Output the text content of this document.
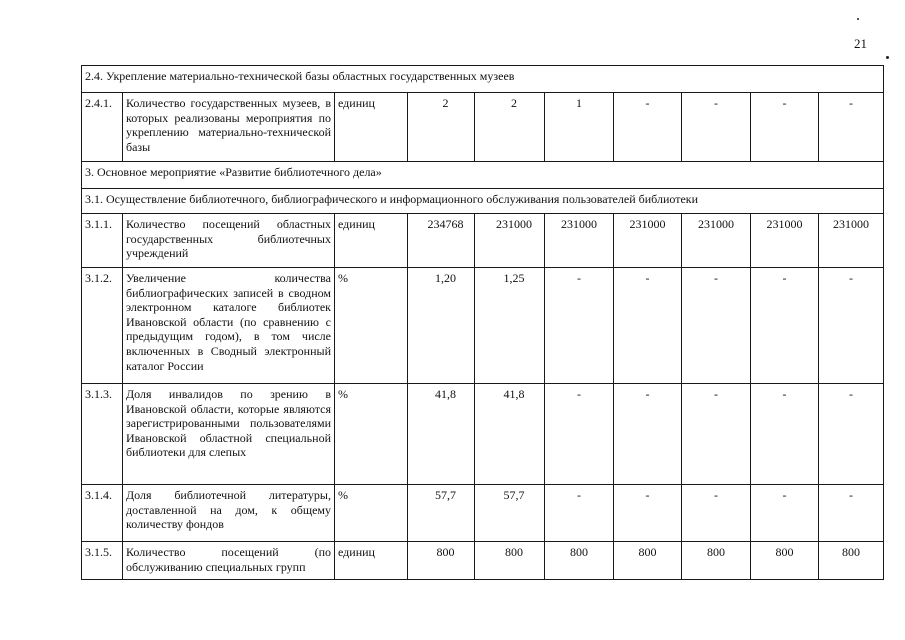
21
2.4. Укрепление материально-технической базы областных государственных музеев									
2.4.1.	Количество государственных музеев, в которых реализованы мероприятия по укреплению материально-технической базы	единиц	2	2	1	-	-	-	-
3. Основное мероприятие «Развитие библиотечного дела»									
3.1. Осуществление библиотечного, библиографического и информационного обслуживания пользователей библиотеки									
3.1.1.	Количество посещений областных государственных библиотечных учреждений	единиц	234768	231000	231000	231000	231000	231000	231000
3.1.2.	Увеличение количества библиографических записей в сводном электронном каталоге библиотек Ивановской области (по сравнению с предыдущим годом), в том числе включенных в Сводный электронный каталог России	%	1,20	1,25	-	-	-	-	-
3.1.3.	Доля инвалидов по зрению в Ивановской области, которые являются зарегистрированными пользователями Ивановской областной специальной библиотеки для слепых	%	41,8	41,8	-	-	-	-	-
3.1.4.	Доля библиотечной литературы, доставленной на дом, к общему количеству фондов	%	57,7	57,7	-	-	-	-	-
3.1.5.	Количество посещений (по обслуживанию специальных групп	единиц	800	800	800	800	800	800	800
